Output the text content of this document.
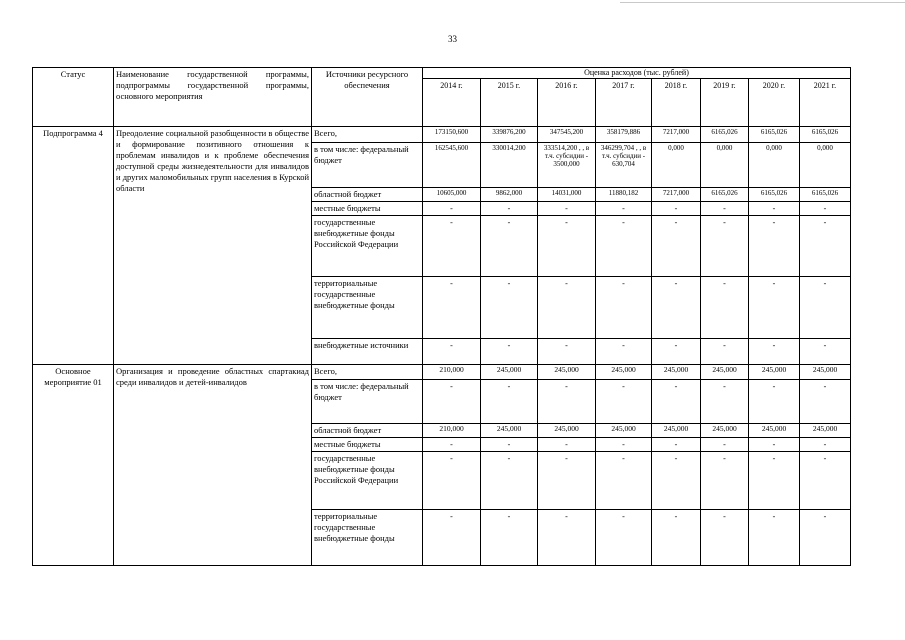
33
Статус	Наименование государственной программы, подпрограммы государственной программы, основного мероприятия	Источники ресурсного обеспечения	Оценка расходов (тыс. рублей)							
			2014 г.	2015 г.	2016 г.	2017 г.	2018 г.	2019 г.	2020 г.	2021 г.
Подпрограмма 4	Преодоление социальной разобщенности в обществе и формирование позитивного отношения к проблемам инвалидов и к проблеме обеспечения доступной среды жизнедеятельности для инвалидов и других маломобильных групп населения в Курской области	Всего,	173150,600	339876,200	347545,200	358179,886	7217,000	6165,026	6165,026	6165,026
		в том числе: федеральный бюджет	162545,600	330014,200	333514,200 , , в т.ч. субсидии - 3500,000	346299,704 , , в т.ч. субсидии - 630,704	0,000	0,000	0,000	0,000
		областной бюджет	10605,000	9862,000	14031,000	11880,182	7217,000	6165,026	6165,026	6165,026
		местные бюджеты	-	-	-	-	-	-	-	-
		государственные внебюджетные фонды Российской Федерации	-	-	-	-	-	-	-	-
		территориальные государственные внебюджетные фонды	-	-	-	-	-	-	-	-
		внебюджетные источники	-	-	-	-	-	-	-	-
Основное мероприятие 01	Организация и проведение областных спартакиад среди инвалидов и детей-инвалидов	Всего,	210,000	245,000	245,000	245,000	245,000	245,000	245,000	245,000
		в том числе: федеральный бюджет	-	-	-	-	-	-	-	-
		областной бюджет	210,000	245,000	245,000	245,000	245,000	245,000	245,000	245,000
		местные бюджеты	-	-	-	-	-	-	-	-
		государственные внебюджетные фонды Российской Федерации	-	-	-	-	-	-	-	-
		территориальные государственные внебюджетные фонды	-	-	-	-	-	-	-	-
